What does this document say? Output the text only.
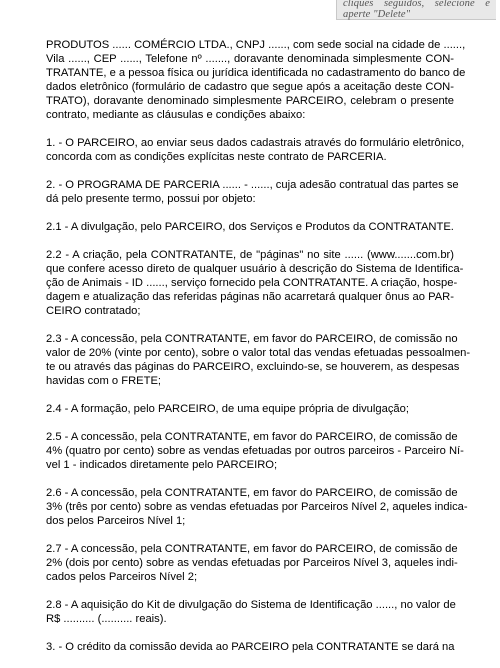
cliques seguidos, selecione e
aperte "Delete"
PRODUTOS ...... COMÉRCIO LTDA., CNPJ ......, com sede social na cidade de ......,
Vila ......, CEP ......, Telefone nº ......., doravante denominada simplesmente CON-
TRATANTE, e a pessoa física ou jurídica identificada no cadastramento do banco de
dados eletrônico (formulário de cadastro que segue após a aceitação deste CON-
TRATO), doravante denominado simplesmente PARCEIRO, celebram o presente
contrato, mediante as cláusulas e condições abaixo:
1. - O PARCEIRO, ao enviar seus dados cadastrais através do formulário eletrônico,
concorda com as condições explícitas neste contrato de PARCERIA.
2. - O PROGRAMA DE PARCERIA ...... - ......, cuja adesão contratual das partes se
dá pelo presente termo, possui por objeto:
2.1 - A divulgação, pelo PARCEIRO, dos Serviços e Produtos da CONTRATANTE.
2.2 - A criação, pela CONTRATANTE, de "páginas" no site ...... (www.......com.br)
que confere acesso direto de qualquer usuário à descrição do Sistema de Identifica-
ção de Animais - ID ......, serviço fornecido pela CONTRATANTE. A criação, hospe-
dagem e atualização das referidas páginas não acarretará qualquer ônus ao PAR-
CEIRO contratado;
2.3 - A concessão, pela CONTRATANTE, em favor do PARCEIRO, de comissão no
valor de 20% (vinte por cento), sobre o valor total das vendas efetuadas pessoalmen-
te ou através das páginas do PARCEIRO, excluindo-se, se houverem, as despesas
havidas com o FRETE;
2.4 - A formação, pelo PARCEIRO, de uma equipe própria de divulgação;
2.5 - A concessão, pela CONTRATANTE, em favor do PARCEIRO, de comissão de
4% (quatro por cento) sobre as vendas efetuadas por outros parceiros - Parceiro Ní-
vel 1 - indicados diretamente pelo PARCEIRO;
2.6 - A concessão, pela CONTRATANTE, em favor do PARCEIRO, de comissão de
3% (três por cento) sobre as vendas efetuadas por Parceiros Nível 2, aqueles indica-
dos pelos Parceiros Nível 1;
2.7 - A concessão, pela CONTRATANTE, em favor do PARCEIRO, de comissão de
2% (dois por cento) sobre as vendas efetuadas por Parceiros Nível 3, aqueles indi-
cados pelos Parceiros Nível 2;
2.8 - A aquisição do Kit de divulgação do Sistema de Identificação ......, no valor de
R$ .......... (.......... reais).
3. - O crédito da comissão devida ao PARCEIRO pela CONTRATANTE se dará na
